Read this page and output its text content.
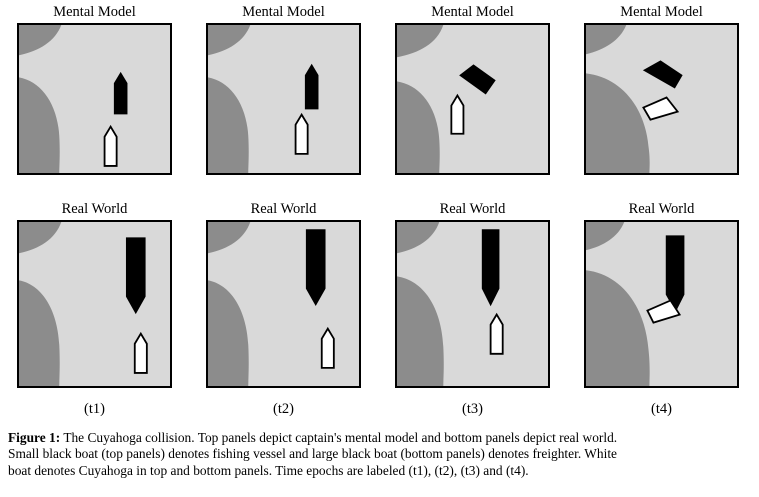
Mental Model	Mental Model	Mental Model	Mental Model
Real World	Real World	Real World	Real World
(t1)	(t2)	(t3)	(t4)
Figure 1: The Cuyahoga collision. Top panels depict captain's mental model and bottom panels depict real world.
Small black boat (top panels) denotes fishing vessel and large black boat (bottom panels) denotes freighter. White
boat denotes Cuyahoga in top and bottom panels. Time epochs are labeled (t1), (t2), (t3) and (t4).
